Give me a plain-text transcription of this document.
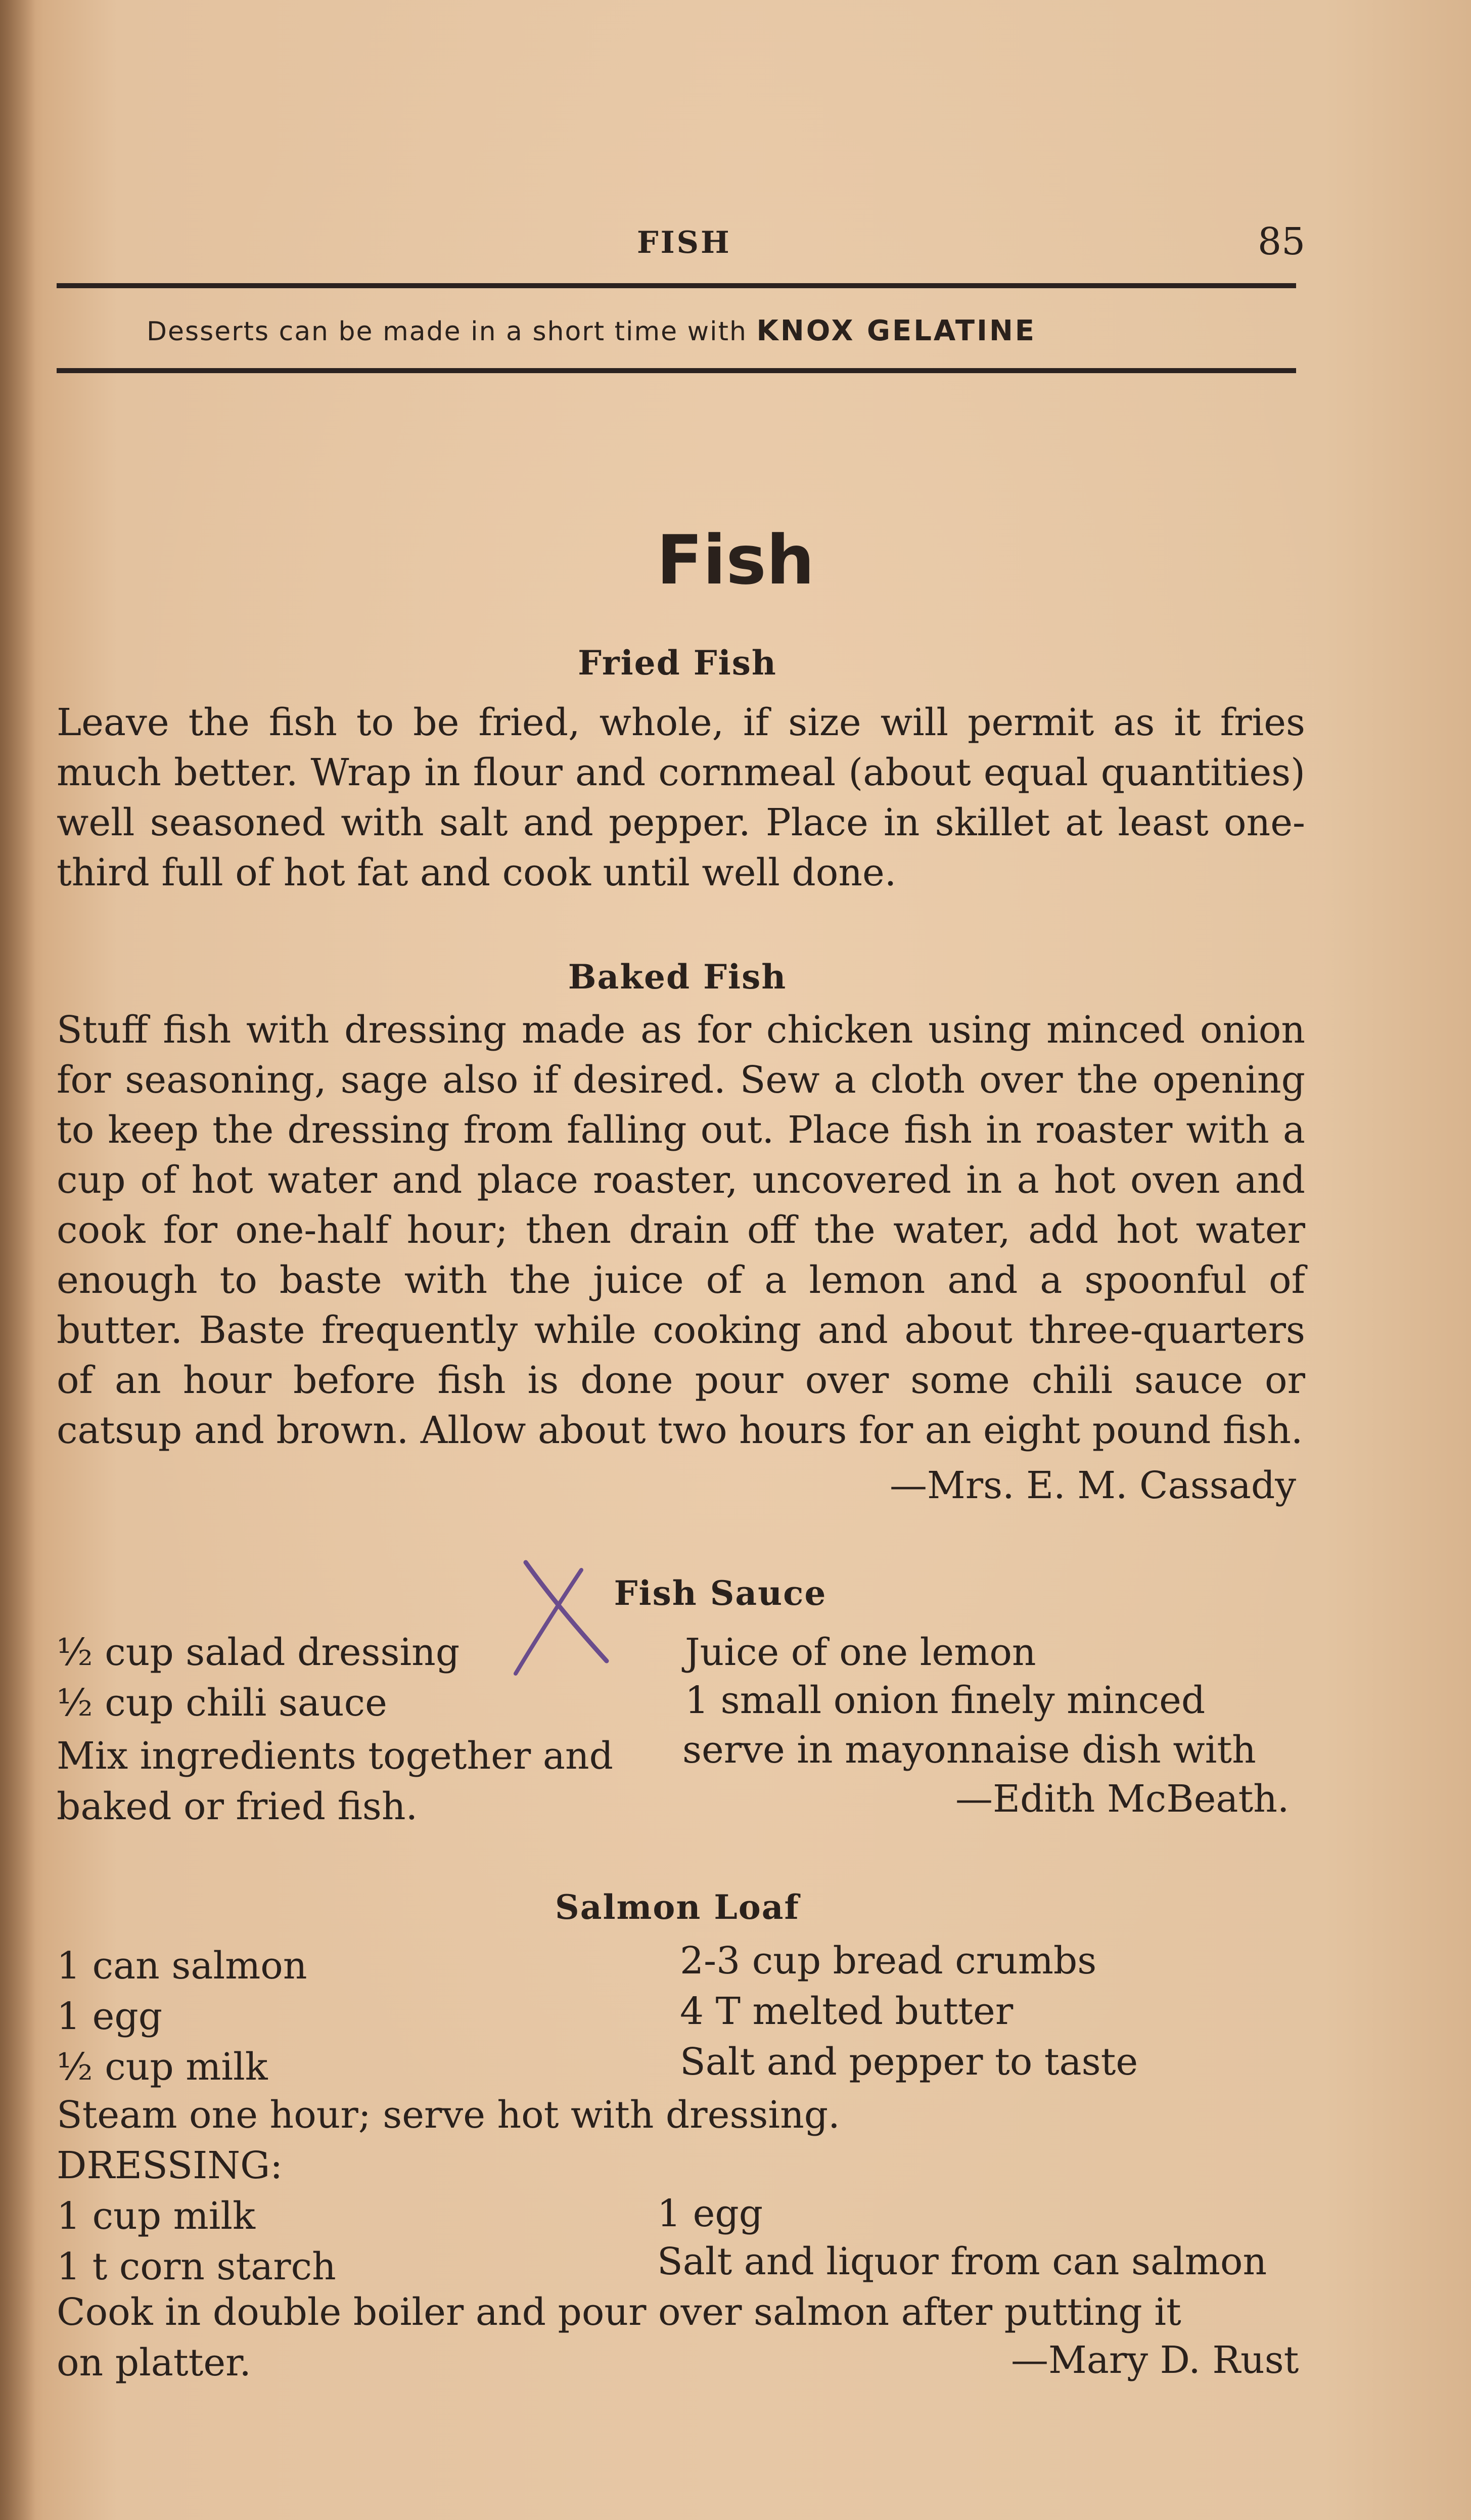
FISH	85
Desserts can be made in a short time with KNOX GELATINE
Fish
Fried Fish
Leave the fish to be fried, whole, if size will permit as it fries much better. Wrap in flour and cornmeal (about equal quantities) well seasoned with salt and pepper. Place in skillet at least one-third full of hot fat and cook until well done.
Baked Fish
Stuff fish with dressing made as for chicken using minced onion for seasoning, sage also if desired. Sew a cloth over the opening to keep the dressing from falling out. Place fish in roaster with a cup of hot water and place roaster, uncovered in a hot oven and cook for one-half hour; then drain off the water, add hot water enough to baste with the juice of a lemon and a spoonful of butter. Baste frequently while cooking and about three-quarters of an hour before fish is done pour over some chili sauce or catsup and brown. Allow about two hours for an eight pound fish.
—Mrs. E. M. Cassady
Fish Sauce
½ cup salad dressing	Juice of one lemon
½ cup chili sauce	1 small onion finely minced
Mix ingredients together and serve in mayonnaise dish with
baked or fried fish.	—Edith McBeath.
Salmon Loaf
1 can salmon	2-3 cup bread crumbs
1 egg	4 T melted butter
½ cup milk	Salt and pepper to taste
Steam one hour; serve hot with dressing.
DRESSING:
1 cup milk	1 egg
1 t corn starch	Salt and liquor from can salmon
Cook in double boiler and pour over salmon after putting it
on platter.	—Mary D. Rust
